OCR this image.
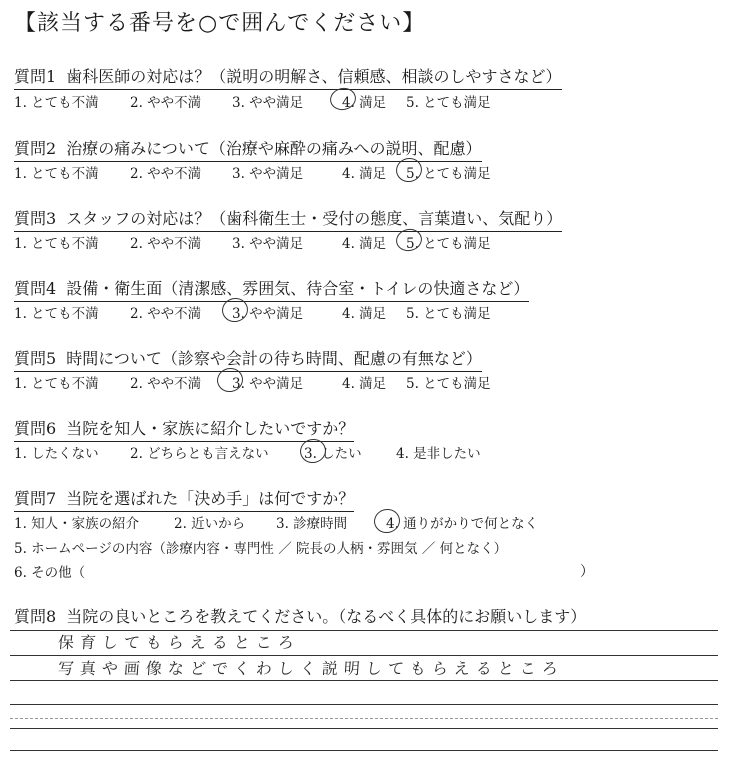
【該当する番号を○で囲んでください】
質問1 歯科医師の対応は？（説明の明解さ、信頼感、相談のしやすさなど）
1. とても不満 2. やや不満 3. やや満足	4. 満足 5. とても満足
質問2 治療の痛みについて（治療や麻酔の痛みへの説明、配慮）
1. とても不満 2. やや不満 3. やや満足	4. 満足 5. とても満足
質問3 スタッフの対応は？（歯科衛生士・受付の態度、言葉遣い、気配り）
1. とても不満 2. やや不満 3. やや満足	4. 満足 5. とても満足
質問4 設備・衛生面（清潔感、雰囲気、待合室・トイレの快適さなど）
1. とても不満 2. やや不満 3. やや満足	4. 満足 5. とても満足
質問5 時間について（診察や会計の待ち時間、配慮の有無など）
1. とても不満 2. やや不満 3. やや満足	4. 満足 5. とても満足
質問6 当院を知人・家族に紹介したいですか？
1. したくない 2. どちらとも言えない	3. したい	4. 是非したい
質問7 当院を選ばれた「決め手」は何ですか？
1. 知人・家族の紹介	2. 近いから 3. 診療時間	4. 通りがかりで何となく
5. ホームページの内容（診療内容・専門性 ／ 院長の人柄・雰囲気 ／ 何となく）
6. その他（	）
質問8 当院の良いところを教えてください。（なるべく具体的にお願いします）
保育してもらえるところ
写真や画像などでくわしく説明してもらえるところ
